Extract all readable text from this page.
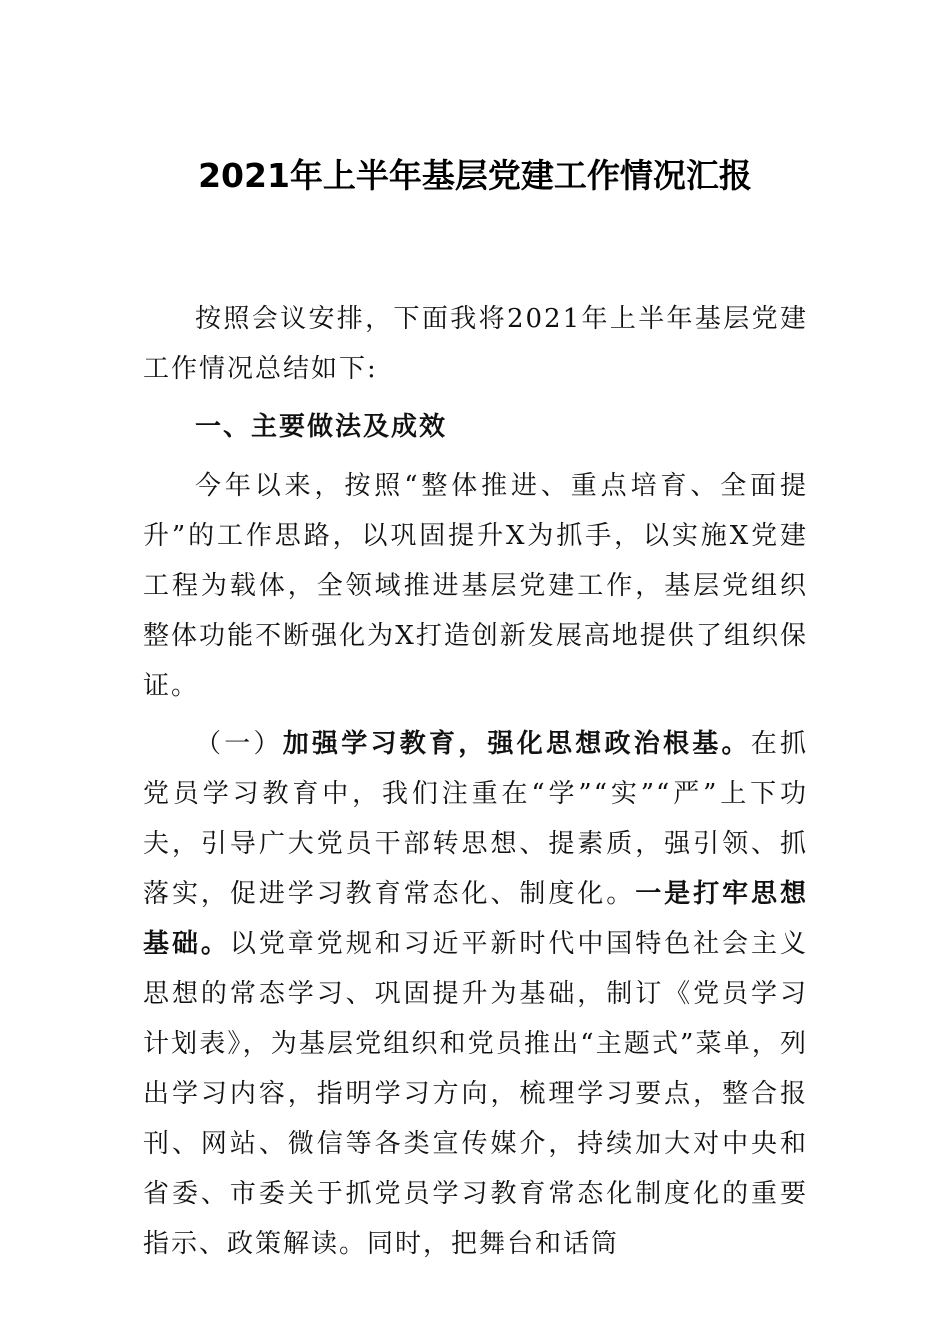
2021年上半年基层党建工作情况汇报

按照会议安排，下面我将2021年上半年基层党建工作情况总结如下:

一、主要做法及成效

今年以来，按照“整体推进、重点培育、全面提升”的工作思路，以巩固提升X为抓手，以实施X党建工程为载体，全领域推进基层党建工作，基层党组织整体功能不断强化为X打造创新发展高地提供了组织保证。

（一）加强学习教育，强化思想政治根基。在抓党员学习教育中，我们注重在“学”“实”“严”上下功夫，引导广大党员干部转思想、提素质，强引领、抓落实，促进学习教育常态化、制度化。一是打牢思想基础。以党章党规和习近平新时代中国特色社会主义思想的常态学习、巩固提升为基础，制订《党员学习计划表》，为基层党组织和党员推出“主题式”菜单，列出学习内容，指明学习方向，梳理学习要点，整合报刊、网站、微信等各类宣传媒介，持续加大对中央和省委、市委关于抓党员学习教育常态化制度化的重要指示、政策解读。同时，把舞台和话筒
